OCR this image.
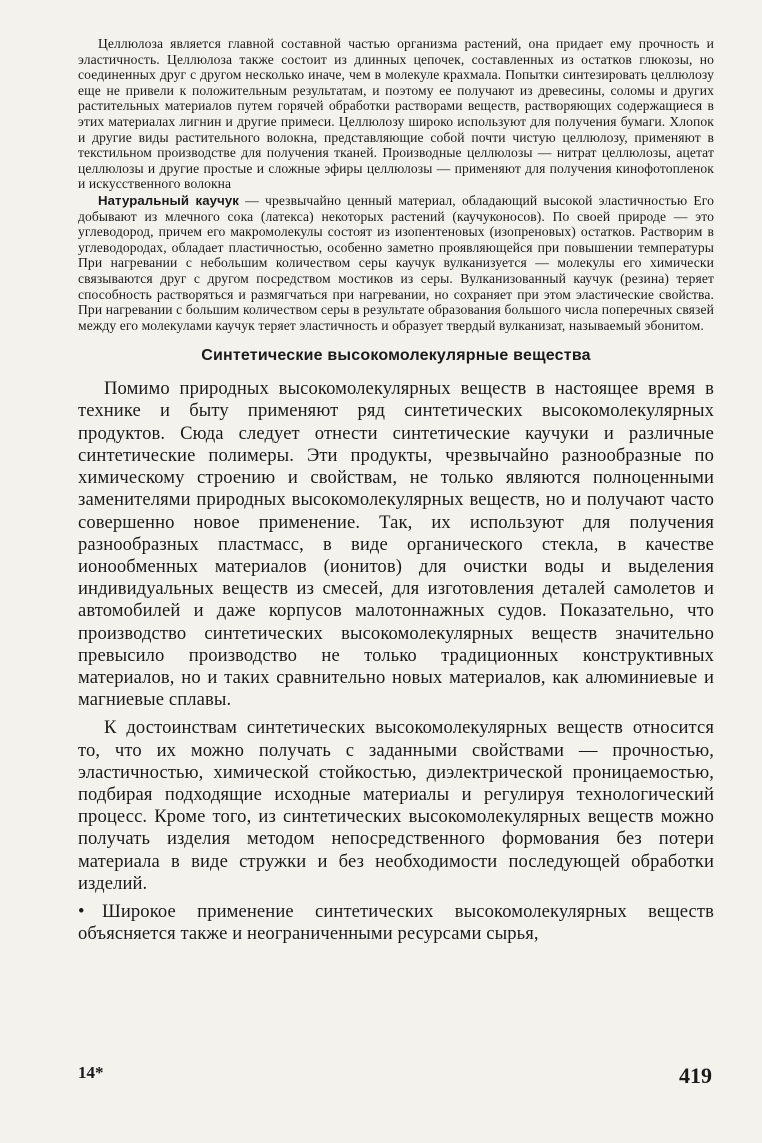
Целлюлоза является главной составной частью организма растений, она придает ему прочность и эластичность. Целлюлоза также состоит из длинных цепочек, составленных из остатков глюкозы, но соединенных друг с другом несколько иначе, чем в молекуле крахмала. Попытки синтезировать целлюлозу еще не привели к положительным результатам, и поэтому ее получают из древесины, соломы и других растительных материалов путем горячей обработки растворами веществ, растворяющих содержащиеся в этих материалах лигнин и другие примеси. Целлюлозу широко используют для получения бумаги. Хлопок и другие виды растительного волокна, представляющие собой почти чистую целлюлозу, применяют в текстильном производстве для получения тканей. Производные целлюлозы — нитрат целлюлозы, ацетат целлюлозы и другие простые и сложные эфиры целлюлозы — применяют для получения кинофотопленок и искусственного волокна

Натуральный каучук — чрезвычайно ценный материал, обладающий высокой эластичностью Его добывают из млечного сока (латекса) некоторых растений (каучуконосов). По своей природе — это углеводород, причем его макромолекулы состоят из изопентеновых (изопреновых) остатков. Растворим в углеводородах, обладает пластичностью, особенно заметно проявляющейся при повышении температуры При нагревании с небольшим количеством серы каучук вулканизуется — молекулы его химически связываются друг с другом посредством мостиков из серы. Вулканизованный каучук (резина) теряет способность растворяться и размягчаться при нагревании, но сохраняет при этом эластические свойства. При нагревании с большим количеством серы в результате образования большого числа поперечных связей между его молекулами каучук теряет эластичность и образует твердый вулканизат, называемый эбонитом.

Синтетические высокомолекулярные вещества

Помимо природных высокомолекулярных веществ в настоящее время в технике и быту применяют ряд синтетических высокомолекулярных продуктов. Сюда следует отнести синтетические каучуки и различные синтетические полимеры. Эти продукты, чрезвычайно разнообразные по химическому строению и свойствам, не только являются полноценными заменителями природных высокомолекулярных веществ, но и получают часто совершенно новое применение. Так, их используют для получения разнообразных пластмасс, в виде органического стекла, в качестве ионообменных материалов (ионитов) для очистки воды и выделения индивидуальных веществ из смесей, для изготовления деталей самолетов и автомобилей и даже корпусов малотоннажных судов. Показательно, что производство синтетических высокомолекулярных веществ значительно превысило производство не только традиционных конструктивных материалов, но и таких сравнительно новых материалов, как алюминиевые и магниевые сплавы.

К достоинствам синтетических высокомолекулярных веществ относится то, что их можно получать с заданными свойствами — прочностью, эластичностью, химической стойкостью, диэлектрической проницаемостью, подбирая подходящие исходные материалы и регулируя технологический процесс. Кроме того, из синтетических высокомолекулярных веществ можно получать изделия методом непосредственного формования без потери материала в виде стружки и без необходимости последующей обработки изделий.

• Широкое применение синтетических высокомолекулярных веществ объясняется также и неограниченными ресурсами сырья,

14*	419
